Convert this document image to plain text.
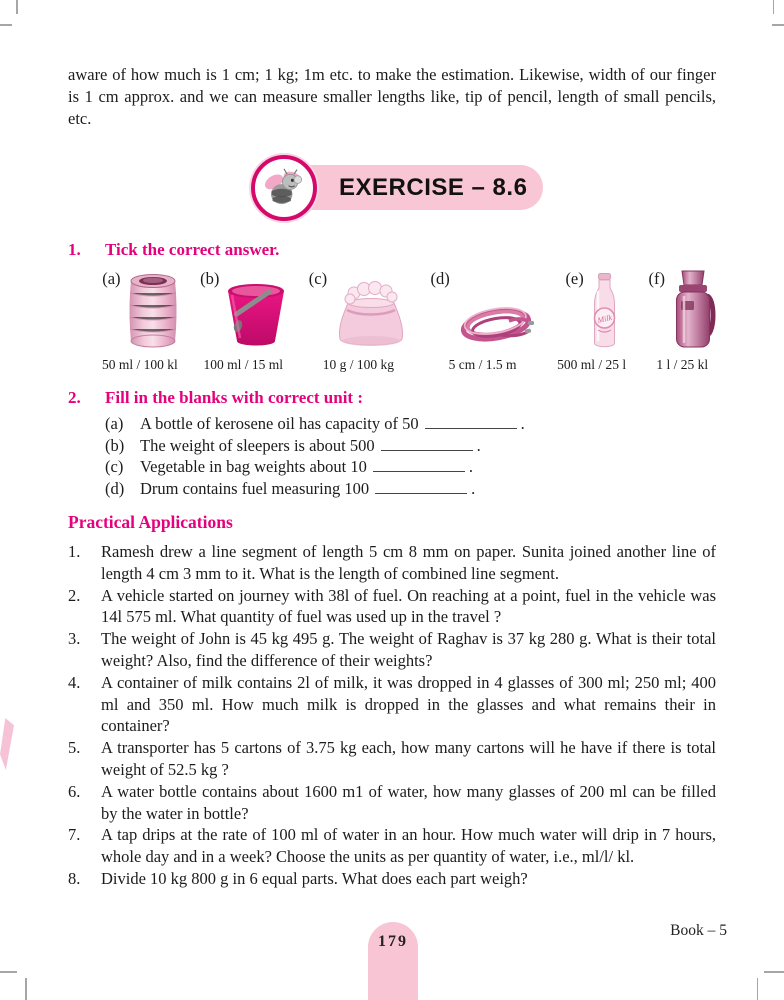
aware of how much is 1 cm; 1 kg; 1m etc. to make the estimation. Likewise, width of our finger is 1 cm approx. and we can measure smaller lengths like, tip of pencil, length of small pencils, etc.

EXERCISE – 8.6
1.	Tick the correct answer.
(a)
50 ml / 100 kl
(b)
100 ml / 15 ml
(c)
10 g / 100 kg
(d)
5 cm / 1.5 m
(e)
Milk
500 ml / 25 l
(f)
1 l / 25 kl
2.	Fill in the blanks with correct unit :
(a)	A bottle of kerosene oil has capacity of 50	.
(b) The weight of sleepers is about 500	.
(c)	Vegetable in bag weights about 10	.
(d) Drum contains fuel measuring 100	.
Practical Applications
1.	Ramesh drew a line segment of length 5 cm 8 mm on paper. Sunita joined another line of length 4 cm 3 mm to it. What is the length of combined line segment.
2.	A vehicle started on journey with 38l of fuel. On reaching at a point, fuel in the vehicle was 14l 575 ml. What quantity of fuel was used up in the travel ?
3.	The weight of John is 45 kg 495 g. The weight of Raghav is 37 kg 280 g. What is their total weight? Also, find the difference of their weights?
4.	A container of milk contains 2l of milk, it was dropped in 4 glasses of 300 ml; 250 ml; 400 ml and 350 ml. How much milk is dropped in the glasses and what remains their in container?
5.	A transporter has 5 cartons of 3.75 kg each, how many cartons will he have if there is total weight of 52.5 kg ?
6.	A water bottle contains about 1600 m1 of water, how many glasses of 200 ml can be filled by the water in bottle?
7.	A tap drips at the rate of 100 ml of water in an hour. How much water will drip in 7 hours, whole day and in a week? Choose the units as per quantity of water, i.e., ml/l/ kl.
8.	Divide 10 kg 800 g in 6 equal parts. What does each part weigh?
179
Book – 5
